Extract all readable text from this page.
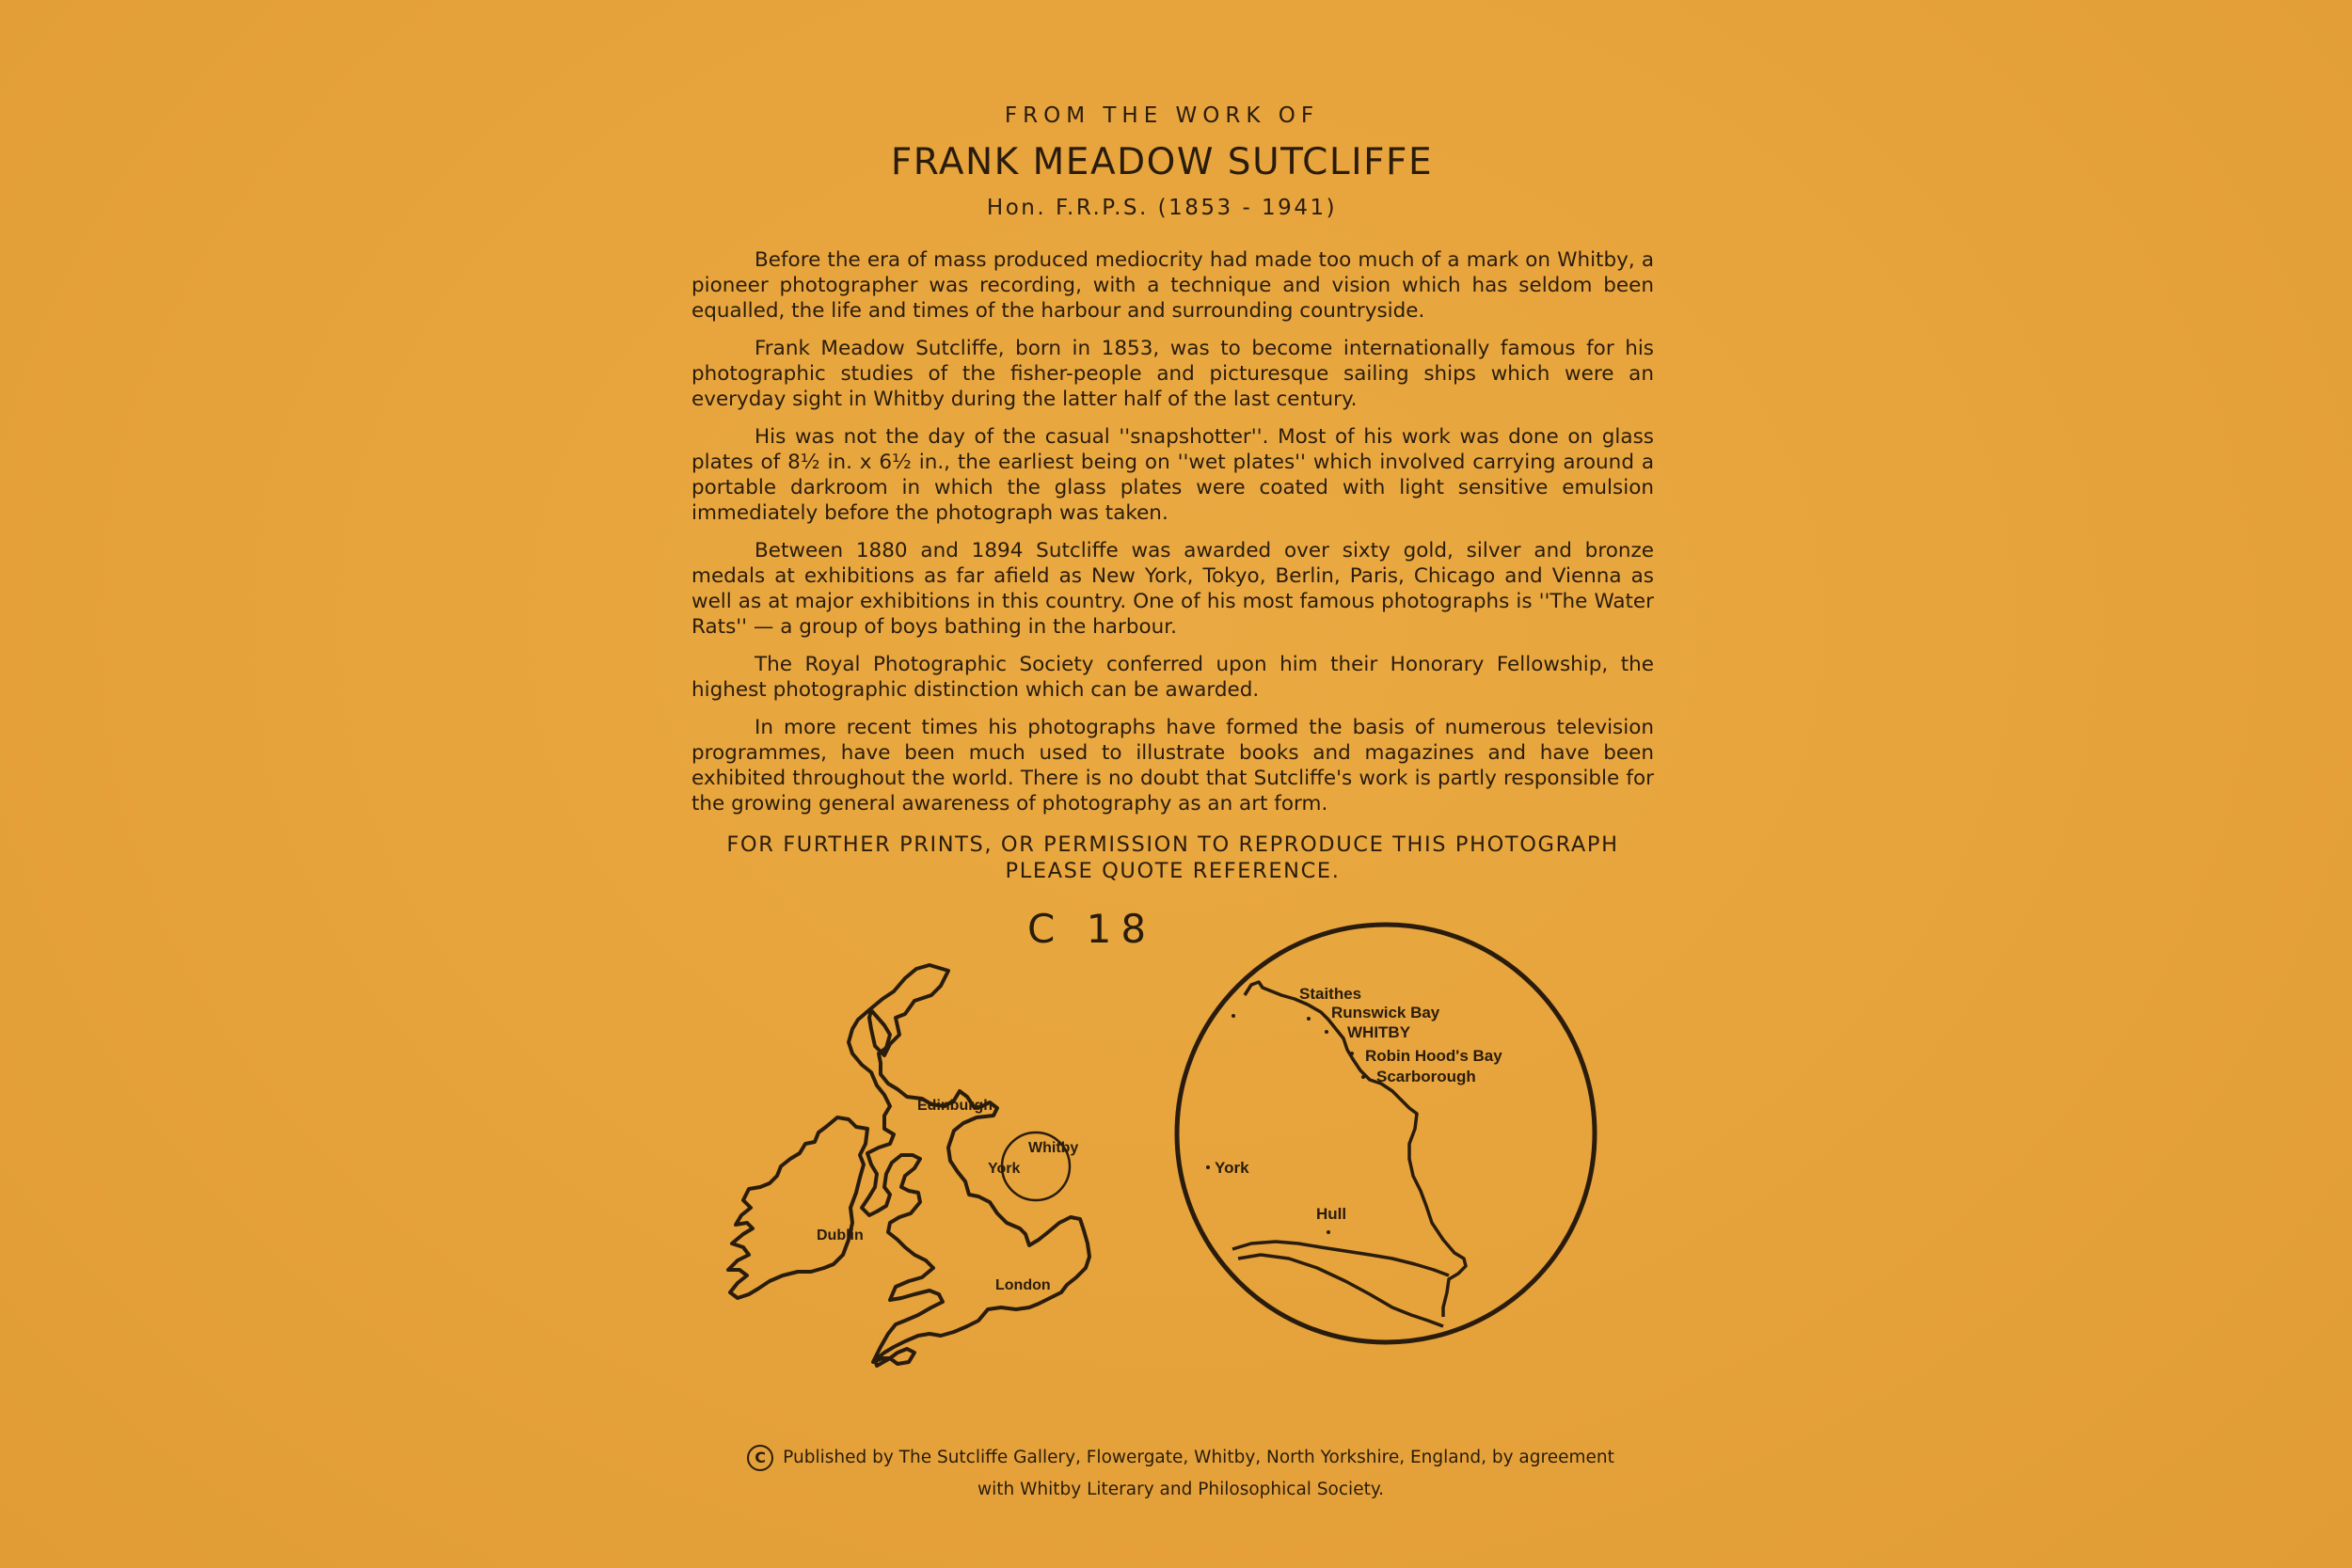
FROM THE WORK OF
FRANK MEADOW SUTCLIFFE
Hon. F.R.P.S. (1853 - 1941)

Before the era of mass produced mediocrity had made too much of a mark on Whitby, a pioneer photographer was recording, with a technique and vision which has seldom been equalled, the life and times of the harbour and surrounding countryside.

Frank Meadow Sutcliffe, born in 1853, was to become internationally famous for his photographic studies of the fisher-people and picturesque sailing ships which were an everyday sight in Whitby during the latter half of the last century.

His was not the day of the casual ''snapshotter''. Most of his work was done on glass plates of 8½ in. x 6½ in., the earliest being on ''wet plates'' which involved carrying around a portable darkroom in which the glass plates were coated with light sensitive emulsion immediately before the photograph was taken.

Between 1880 and 1894 Sutcliffe was awarded over sixty gold, silver and bronze medals at exhibitions as far afield as New York, Tokyo, Berlin, Paris, Chicago and Vienna as well as at major exhibitions in this country. One of his most famous photographs is ''The Water Rats'' — a group of boys bathing in the harbour.

The Royal Photographic Society conferred upon him their Honorary Fellowship, the highest photographic distinction which can be awarded.

In more recent times his photographs have formed the basis of numerous television programmes, have been much used to illustrate books and magazines and have been exhibited throughout the world. There is no doubt that Sutcliffe's work is partly responsible for the growing general awareness of photography as an art form.

FOR FURTHER PRINTS, OR PERMISSION TO REPRODUCE THIS PHOTOGRAPH
PLEASE QUOTE REFERENCE.
C 18
Edinburgh
Whitby
York
Dublin
London
Staithes
Runswick Bay
WHITBY
Robin Hood's Bay
Scarborough
York
Hull
C Published by The Sutcliffe Gallery, Flowergate, Whitby, North Yorkshire, England, by agreement
with Whitby Literary and Philosophical Society.
